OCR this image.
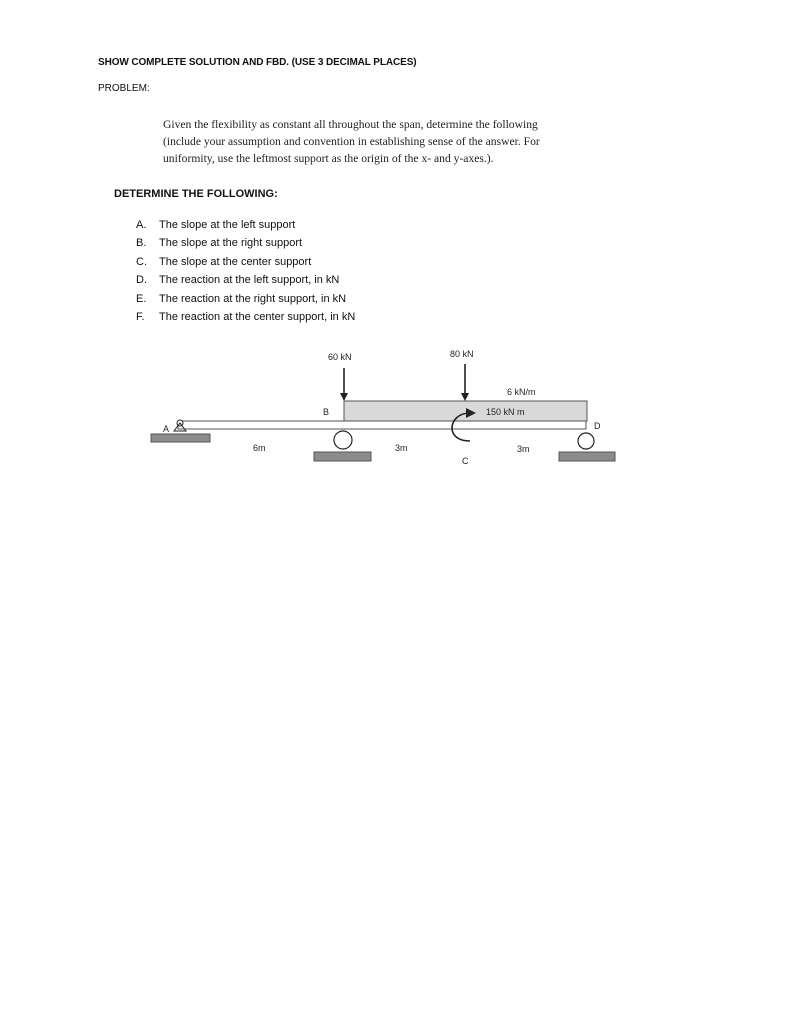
SHOW COMPLETE SOLUTION AND FBD. (USE 3 DECIMAL PLACES)
PROBLEM:
Given the flexibility as constant all throughout the span, determine the following
(include your assumption and convention in establishing sense of the answer. For
uniformity, use the leftmost support as the origin of the x- and y-axes.).
DETERMINE THE FOLLOWING:
A.	The slope at the left support
B.	The slope at the right support
C.	The slope at the center support
D.	The reaction at the left support, in kN
E.	The reaction at the right support, in kN
F.	The reaction at the center support, in kN
60 kN	80 kN
6 kN/m
150 kN m
A
B
C
D
6m	3m	3m
